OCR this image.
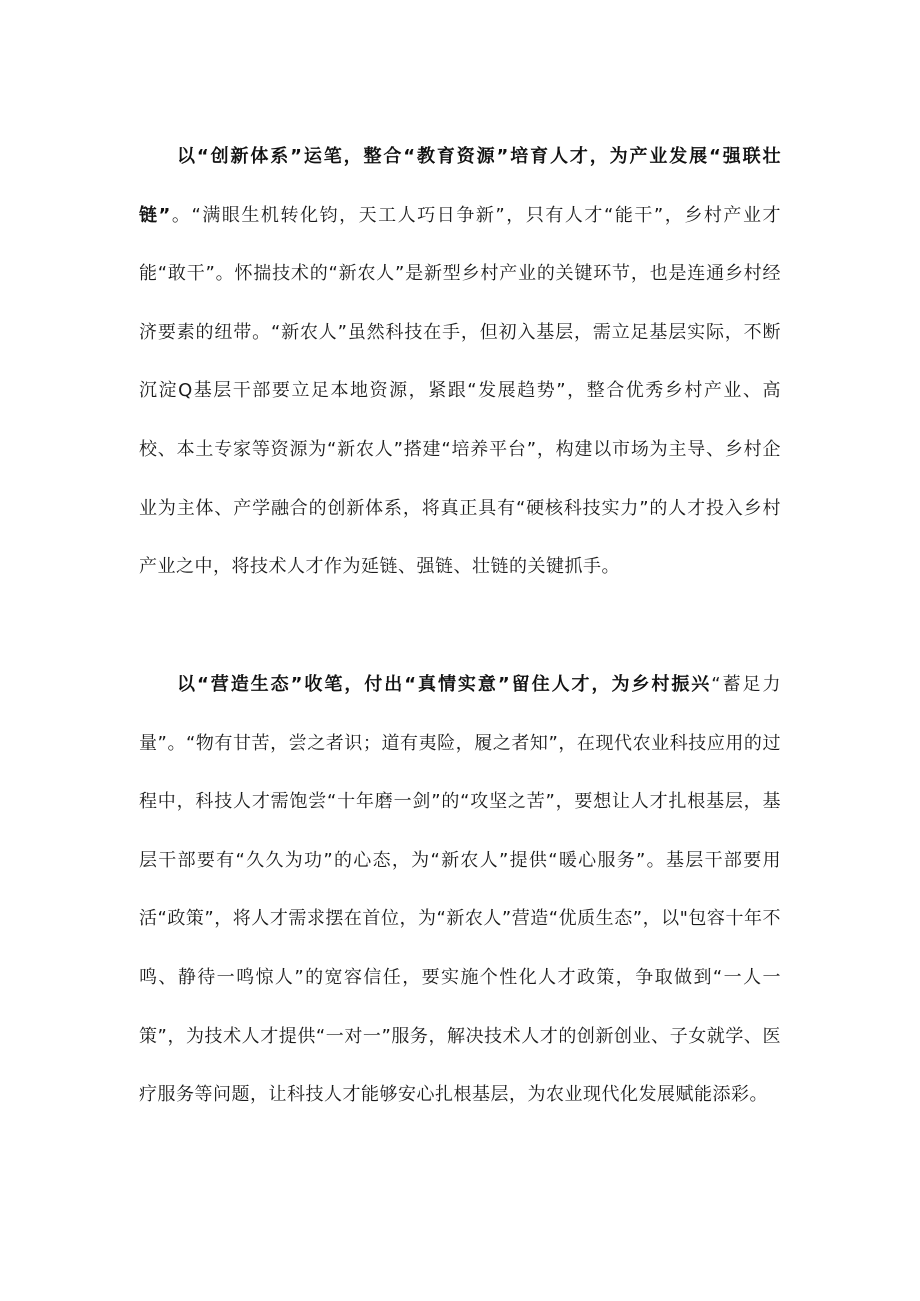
以“创新体系”运笔，整合“教育资源”培育人才，为产业发展“强联壮链”。“满眼生机转化钧，天工人巧日争新”，只有人才“能干”，乡村产业才能“敢干”。怀揣技术的“新农人”是新型乡村产业的关键环节，也是连通乡村经济要素的纽带。“新农人”虽然科技在手，但初入基层，需立足基层实际，不断沉淀Q基层干部要立足本地资源，紧跟“发展趋势”，整合优秀乡村产业、高校、本土专家等资源为“新农人”搭建“培养平台”，构建以市场为主导、乡村企业为主体、产学融合的创新体系，将真正具有“硬核科技实力”的人才投入乡村产业之中，将技术人才作为延链、强链、壮链的关键抓手。

以“营造生态”收笔，付出“真情实意”留住人才，为乡村振兴“蓄足力量”。“物有甘苦，尝之者识；道有夷险，履之者知”，在现代农业科技应用的过程中，科技人才需饱尝“十年磨一剑”的“攻坚之苦”，要想让人才扎根基层，基层干部要有“久久为功”的心态，为“新农人”提供“暖心服务”。基层干部要用活“政策”，将人才需求摆在首位，为“新农人”营造“优质生态”，以"包容十年不鸣、静待一鸣惊人”的宽容信任，要实施个性化人才政策，争取做到“一人一策”，为技术人才提供“一对一”服务，解决技术人才的创新创业、子女就学、医疗服务等问题，让科技人才能够安心扎根基层，为农业现代化发展赋能添彩。
